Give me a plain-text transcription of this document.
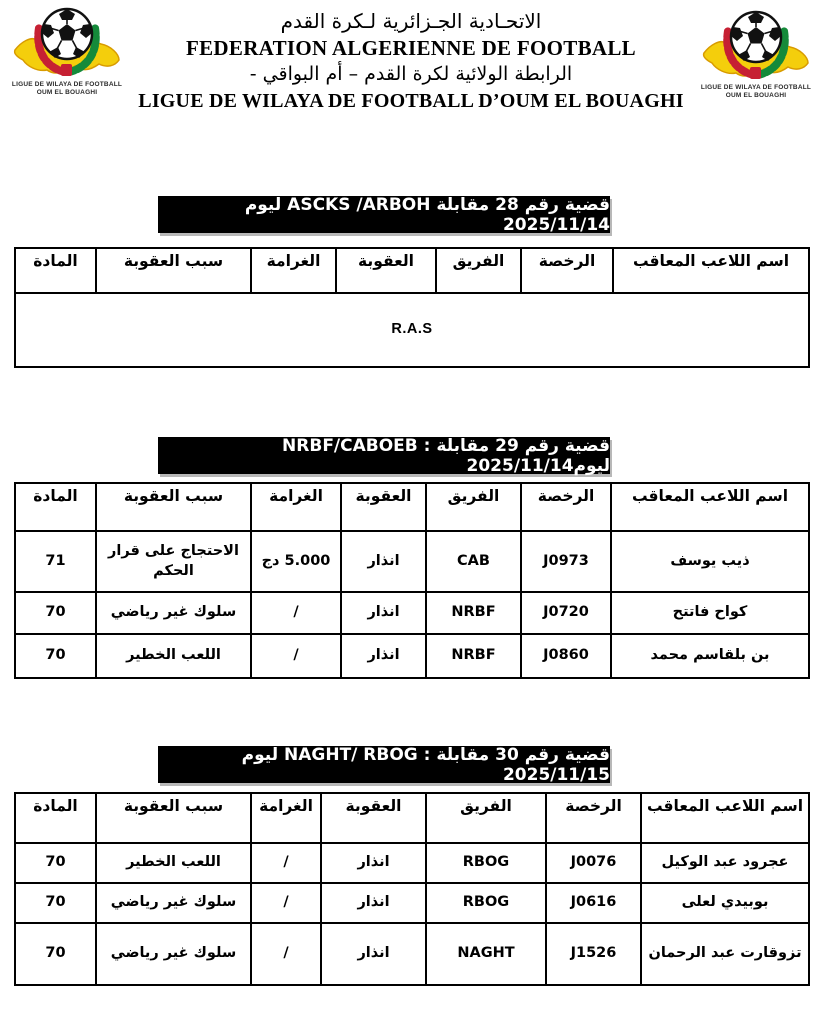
LIGUE DE WILAYA DE FOOTBALL
OUM EL BOUAGHI
LIGUE DE WILAYA DE FOOTBALL
OUM EL BOUAGHI
الاتحـادية الجـزائرية لـكرة القدم
FEDERATION ALGERIENNE DE FOOTBALL
الرابطة الولائية لكرة القدم – أم البواقي -
LIGUE DE WILAYA DE FOOTBALL D’OUM EL BOUAGHI
قضية رقم 28 مقابلة ASCKS /ARBOH ليوم 2025/11/14
اسم اللاعب المعاقب	الرخصة	الفريق	العقوبة	الغرامة	سبب العقوبة	المادة
R.A.S
قضية رقم 29 مقابلة : NRBF/CABOEB ليوم2025/11/14
اسم اللاعب المعاقب	الرخصة	الفريق	العقوبة	الغرامة	سبب العقوبة	المادة
ذيب يوسف	J0973	CAB	انذار	5.000 دج	الاحتجاج على قرار الحكم	71
كواح فاتتح	J0720	NRBF	انذار	/	سلوك غير رياضي	70
بن بلقاسم محمد	J0860	NRBF	انذار	/	اللعب الخطير	70
قضية رقم 30 مقابلة : NAGHT/ RBOG ليوم 2025/11/15
اسم اللاعب المعاقب	الرخصة	الفريق	العقوبة	الغرامة	سبب العقوبة	المادة
عجرود عبد الوكيل	J0076	RBOG	انذار	/	اللعب الخطير	70
بوبيدي لعلى	J0616	RBOG	انذار	/	سلوك غير رياضي	70
تزوقارت عبد الرحمان	J1526	NAGHT	انذار	/	سلوك غير رياضي	70
